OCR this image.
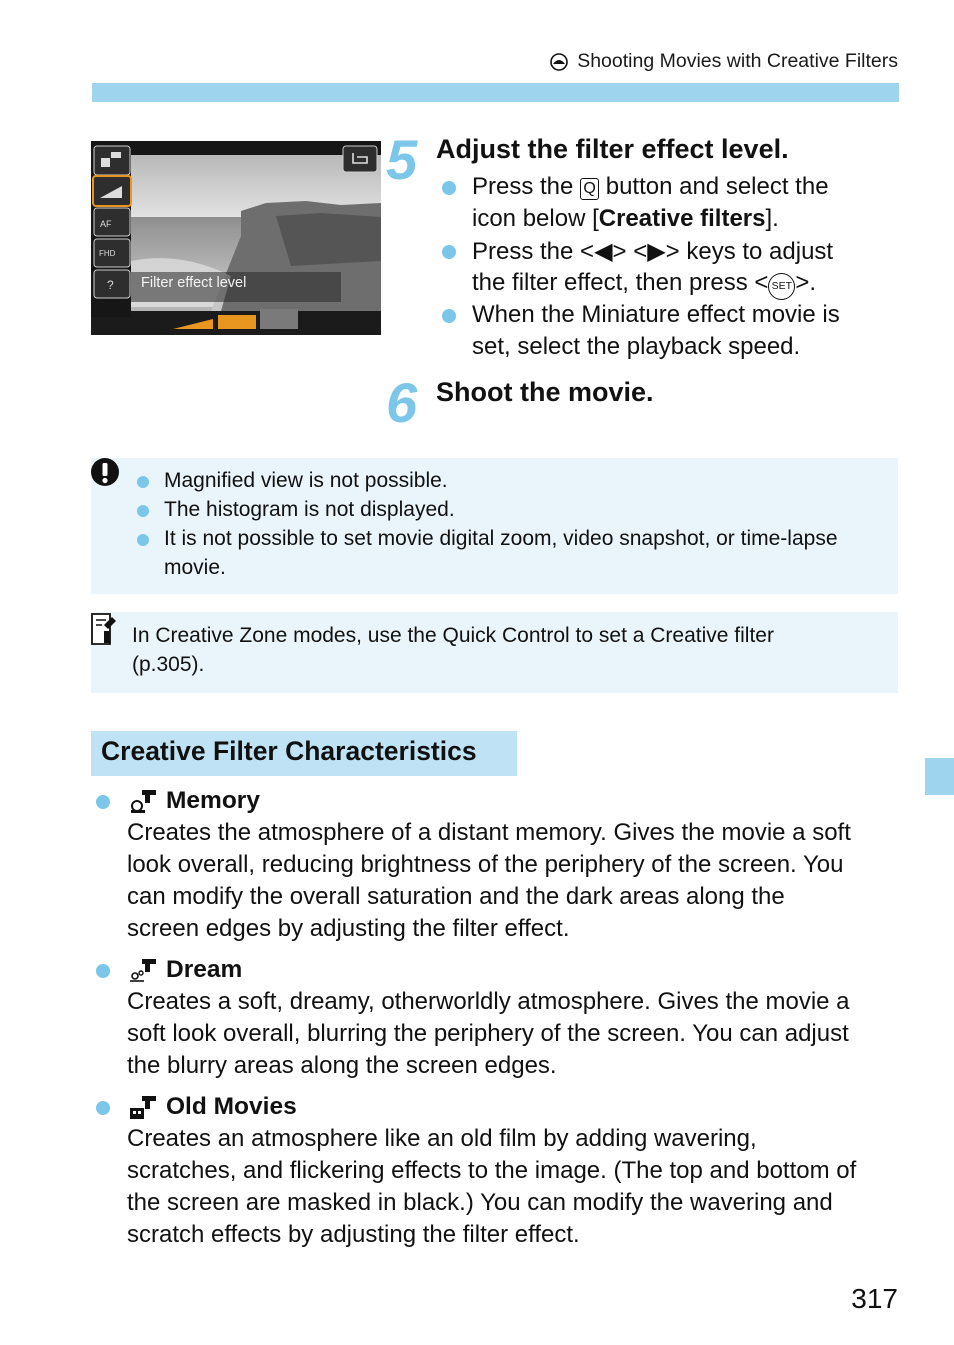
Shooting Movies with Creative Filters
AF
FHD
? Filter effect level
5 Adjust the filter effect level.
Press the Q button and select the
icon below [Creative filters].
Press the <◀> <▶> keys to adjust
the filter effect, then press < SET >.
When the Miniature effect movie is
set, select the playback speed.
6 Shoot the movie.
Magnified view is not possible.
The histogram is not displayed.
It is not possible to set movie digital zoom, video snapshot, or time-lapse
movie.
In Creative Zone modes, use the Quick Control to set a Creative filter
(p.305).
Creative Filter Characteristics
Memory
Creates the atmosphere of a distant memory. Gives the movie a soft
look overall, reducing brightness of the periphery of the screen. You
can modify the overall saturation and the dark areas along the
screen edges by adjusting the filter effect.
Dream
Creates a soft, dreamy, otherworldly atmosphere. Gives the movie a
soft look overall, blurring the periphery of the screen. You can adjust
the blurry areas along the screen edges.
Old Movies
Creates an atmosphere like an old film by adding wavering,
scratches, and flickering effects to the image. (The top and bottom of
the screen are masked in black.) You can modify the wavering and
scratch effects by adjusting the filter effect.
317
